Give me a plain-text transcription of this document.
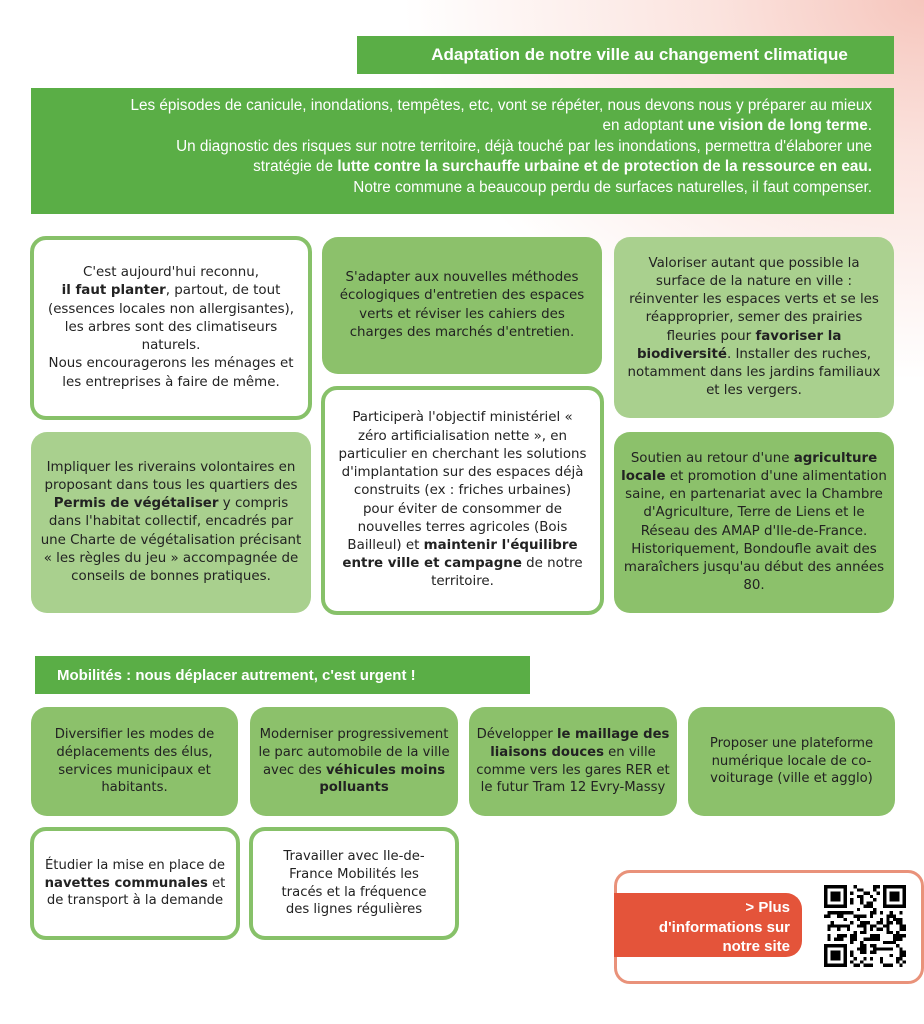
Adaptation de notre ville au changement climatique

Les épisodes de canicule, inondations, tempêtes, etc, vont se répéter, nous devons nous y préparer au mieux

en adoptant une vision de long terme.

Un diagnostic des risques sur notre territoire, déjà touché par les inondations, permettra d'élaborer une

stratégie de lutte contre la surchauffe urbaine et de protection de la ressource en eau.

Notre commune a beaucoup perdu de surfaces naturelles, il faut compenser.

C'est aujourd'hui reconnu,
il faut planter, partout, de tout (essences locales non allergisantes), les arbres sont des climatiseurs naturels.
Nous encouragerons les ménages et les entreprises à faire de même.
S'adapter aux nouvelles méthodes écologiques d'entretien des espaces verts et réviser les cahiers des charges des marchés d'entretien.
Valoriser autant que possible la surface de la nature en ville : réinventer les espaces verts et se les réapproprier, semer des prairies fleuries pour favoriser la biodiversité. Installer des ruches, notamment dans les jardins familiaux et les vergers.
Impliquer les riverains volontaires en proposant dans tous les quartiers des Permis de végétaliser y compris dans l'habitat collectif, encadrés par une Charte de végétalisation précisant « les règles du jeu » accompagnée de conseils de bonnes pratiques.
Participerà l'objectif ministériel « zéro artificialisation nette », en particulier en cherchant les solutions d'implantation sur des espaces déjà construits (ex : friches urbaines) pour éviter de consommer de nouvelles terres agricoles (Bois Bailleul) et maintenir l'équilibre entre ville et campagne de notre territoire.
Soutien au retour d'une agriculture locale et promotion d'une alimentation saine, en partenariat avec la Chambre d'Agriculture, Terre de Liens et le Réseau des AMAP d'Ile-de-France. Historiquement, Bondoufle avait des maraîchers jusqu'au début des années 80.
Mobilités : nous déplacer autrement, c'est urgent !
Diversifier les modes de déplacements des élus, services municipaux et habitants.
Moderniser progressivement le parc automobile de la ville avec des véhicules moins polluants
Développer le maillage des liaisons douces en ville comme vers les gares RER et le futur Tram 12 Evry-Massy
Proposer une plateforme numérique locale de co-voiturage (ville et agglo)
Étudier la mise en place de navettes communales et de transport à la demande
Travailler avec Ile-de-France Mobilités les tracés et la fréquence des lignes régulières	> Plus
d'informations sur
notre site
